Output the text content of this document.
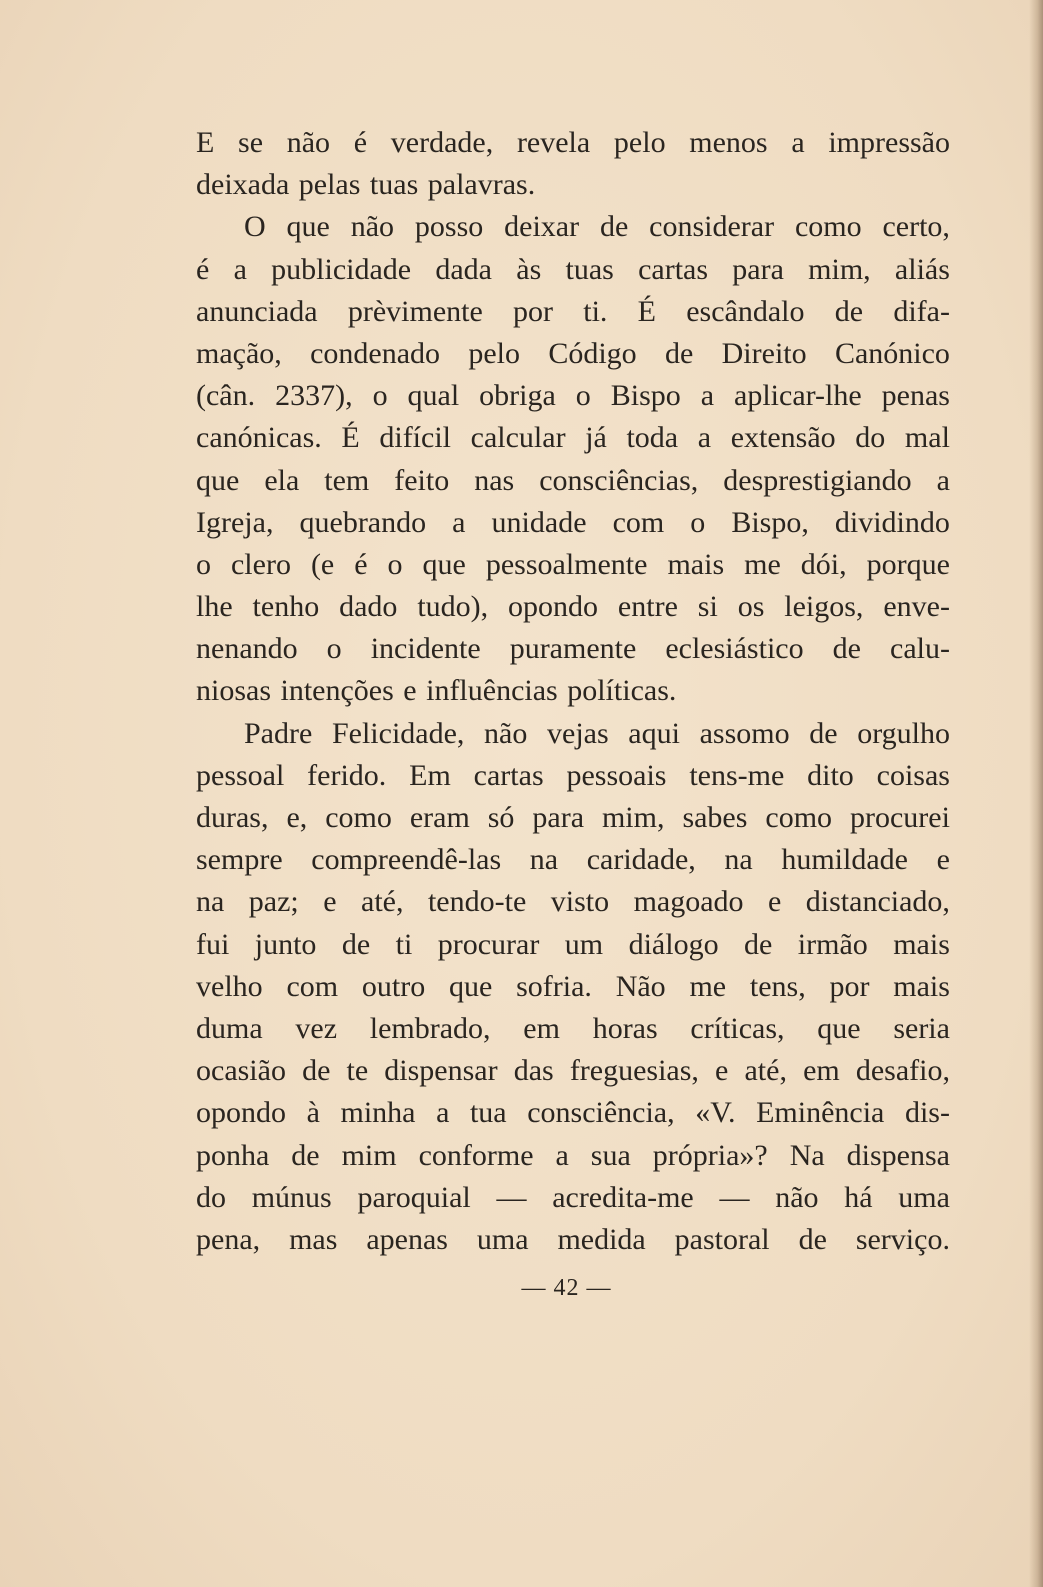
E se não é verdade, revela pelo menos a impressão
deixada pelas tuas palavras.
O que não posso deixar de considerar como certo,
é a publicidade dada às tuas cartas para mim, aliás
anunciada prèvimente por ti. É escândalo de difa-
mação, condenado pelo Código de Direito Canónico
(cân. 2337), o qual obriga o Bispo a aplicar-lhe penas
canónicas. É difícil calcular já toda a extensão do mal
que ela tem feito nas consciências, desprestigiando a
Igreja, quebrando a unidade com o Bispo, dividindo
o clero (e é o que pessoalmente mais me dói, porque
lhe tenho dado tudo), opondo entre si os leigos, enve-
nenando o incidente puramente eclesiástico de calu-
niosas intenções e influências políticas.
Padre Felicidade, não vejas aqui assomo de orgulho
pessoal ferido. Em cartas pessoais tens-me dito coisas
duras, e, como eram só para mim, sabes como procurei
sempre compreendê-las na caridade, na humildade e
na paz; e até, tendo-te visto magoado e distanciado,
fui junto de ti procurar um diálogo de irmão mais
velho com outro que sofria. Não me tens, por mais
duma vez lembrado, em horas críticas, que seria
ocasião de te dispensar das freguesias, e até, em desafio,
opondo à minha a tua consciência, «V. Eminência dis-
ponha de mim conforme a sua própria»? Na dispensa
do múnus paroquial — acredita-me — não há uma
pena, mas apenas uma medida pastoral de serviço.
— 42 —
